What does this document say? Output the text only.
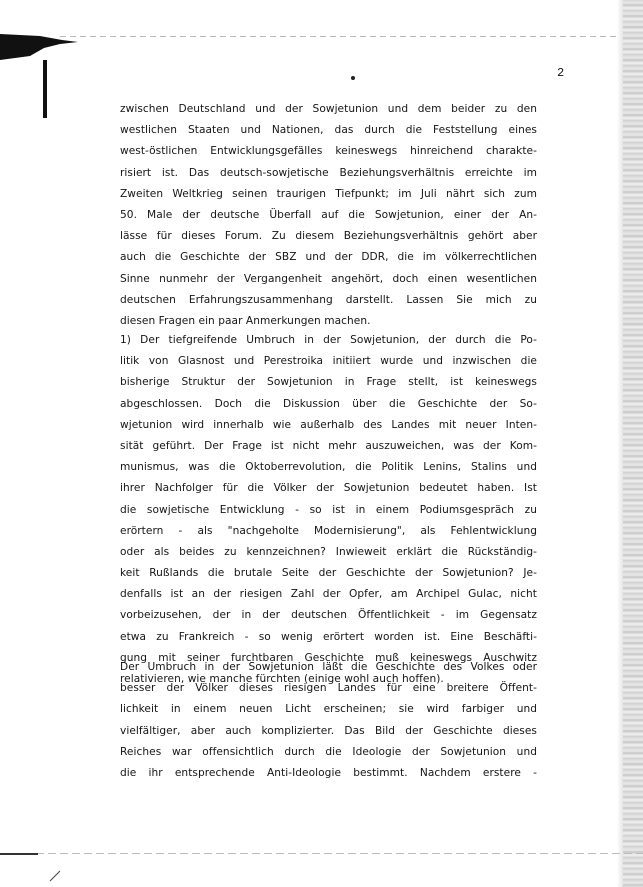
2
zwischen Deutschland und der Sowjetunion und dem beider zu den
westlichen Staaten und Nationen, das durch die Feststellung eines
west-östlichen Entwicklungsgefälles keineswegs hinreichend charakte-
risiert ist. Das deutsch-sowjetische Beziehungsverhältnis erreichte im
Zweiten Weltkrieg seinen traurigen Tiefpunkt; im Juli nährt sich zum
50. Male der deutsche Überfall auf die Sowjetunion, einer der An-
lässe für dieses Forum. Zu diesem Beziehungsverhältnis gehört aber
auch die Geschichte der SBZ und der DDR, die im völkerrechtlichen
Sinne nunmehr der Vergangenheit angehört, doch einen wesentlichen
deutschen Erfahrungszusammenhang darstellt. Lassen Sie mich zu
diesen Fragen ein paar Anmerkungen machen.
1) Der tiefgreifende Umbruch in der Sowjetunion, der durch die Po-
litik von Glasnost und Perestroika initiiert wurde und inzwischen die
bisherige Struktur der Sowjetunion in Frage stellt, ist keineswegs
abgeschlossen. Doch die Diskussion über die Geschichte der So-
wjetunion wird innerhalb wie außerhalb des Landes mit neuer Inten-
sität geführt. Der Frage ist nicht mehr auszuweichen, was der Kom-
munismus, was die Oktoberrevolution, die Politik Lenins, Stalins und
ihrer Nachfolger für die Völker der Sowjetunion bedeutet haben. Ist
die sowjetische Entwicklung - so ist in einem Podiumsgespräch zu
erörtern - als "nachgeholte Modernisierung", als Fehlentwicklung
oder als beides zu kennzeichnen? Inwieweit erklärt die Rückständig-
keit Rußlands die brutale Seite der Geschichte der Sowjetunion? Je-
denfalls ist an der riesigen Zahl der Opfer, am Archipel Gulac, nicht
vorbeizusehen, der in der deutschen Öffentlichkeit - im Gegensatz
etwa zu Frankreich - so wenig erörtert worden ist. Eine Beschäfti-
gung mit seiner furchtbaren Geschichte muß keineswegs Auschwitz
relativieren, wie manche fürchten (einige wohl auch hoffen).
Der Umbruch in der Sowjetunion läßt die Geschichte des Volkes oder
besser der Völker dieses riesigen Landes für eine breitere Öffent-
lichkeit in einem neuen Licht erscheinen; sie wird farbiger und
vielfältiger, aber auch komplizierter. Das Bild der Geschichte dieses
Reiches war offensichtlich durch die Ideologie der Sowjetunion und
die ihr entsprechende Anti-Ideologie bestimmt. Nachdem erstere -
